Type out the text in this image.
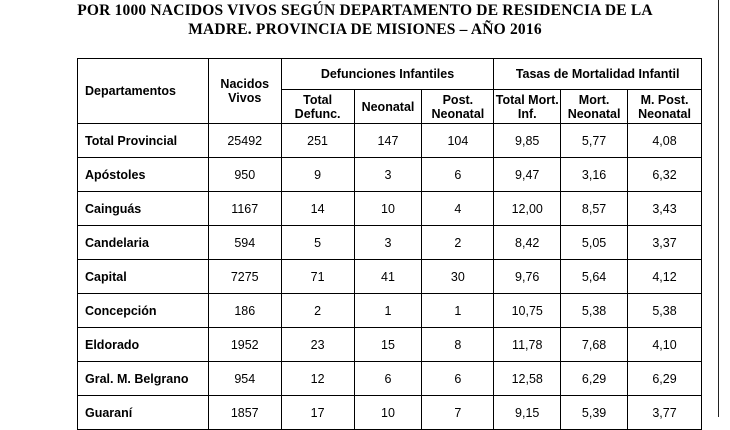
POR 1000 NACIDOS VIVOS SEGÚN DEPARTAMENTO DE RESIDENCIA DE LA
MADRE. PROVINCIA DE MISIONES – AÑO 2016
Departamentos	Nacidos Vivos	Defunciones Infantiles			Tasas de Mortalidad Infantil		
		Total Defunc.	Neonatal	Post. Neonatal	Total Mort. Inf.	Mort. Neonatal	M. Post. Neonatal
Total Provincial	25492	251	147	104	9,85	5,77	4,08
Apóstoles	950	9	3	6	9,47	3,16	6,32
Cainguás	1167	14	10	4	12,00	8,57	3,43
Candelaria	594	5	3	2	8,42	5,05	3,37
Capital	7275	71	41	30	9,76	5,64	4,12
Concepción	186	2	1	1	10,75	5,38	5,38
Eldorado	1952	23	15	8	11,78	7,68	4,10
Gral. M. Belgrano	954	12	6	6	12,58	6,29	6,29
Guaraní	1857	17	10	7	9,15	5,39	3,77
